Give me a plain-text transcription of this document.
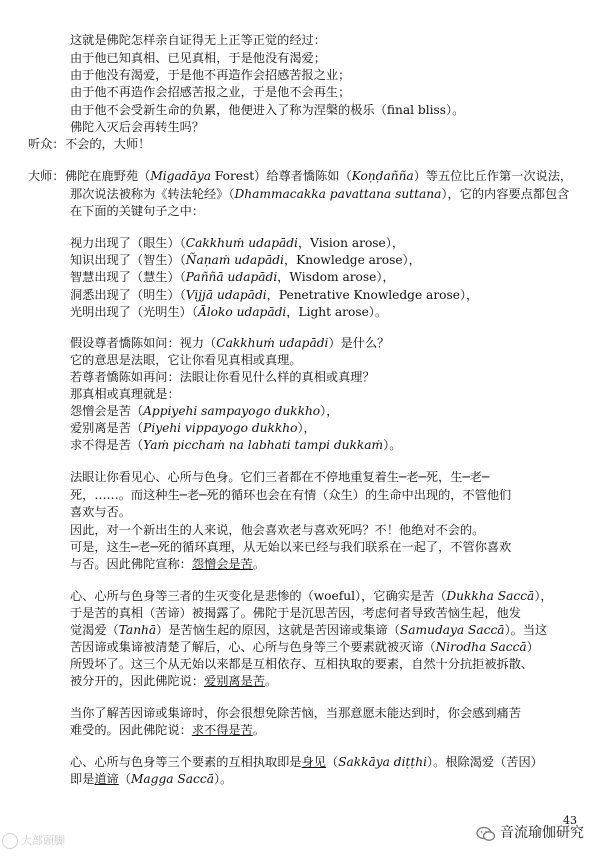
这就是佛陀怎样亲自证得无上正等正觉的经过：
由于他已知真相、已见真相，于是他没有渴爱；
由于他没有渴爱，于是他不再造作会招感苦报之业；
由于他不再造作会招感苦报之业，于是他不会再生；
由于他不会受新生命的负累，他便进入了称为涅槃的极乐（final bliss）。
佛陀入灭后会再转生吗？
听众： 不会的，大师！
大师： 佛陀在鹿野苑（Migadāya Forest）给尊者憍陈如（Koṇḍañña）等五位比丘作第一次说法，
那次说法被称为《转法轮经》（Dhammacakka pavattana suttana），它的内容要点都包含
在下面的关键句子之中：
视力出现了（眼生）（Cakkhuṁ udapādi，Vision arose），
知识出现了（智生）（Ñaṇaṁ udapādi，Knowledge arose），
智慧出现了（慧生）（Paññā udapādi，Wisdom arose），
洞悉出现了（明生）（Vijjā udapādi，Penetrative Knowledge arose），
光明出现了（光明生）（Āloko udapādi，Light arose）。
假设尊者憍陈如问：视力（Cakkhuṁ udapādi）是什么？
它的意思是法眼，它让你看见真相或真理。
若尊者憍陈如再问：法眼让你看见什么样的真相或真理？
那真相或真理就是：
怨憎会是苦（Appiyehi sampayogo dukkho），
爱别离是苦（Piyehi vippayogo dukkho），
求不得是苦（Yaṁ picchaṁ na labhati tampi dukkaṁ）。
法眼让你看见心、心所与色身。它们三者都在不停地重复着生─老─死，生─老─
死，……。而这种生─老─死的循环也会在有情（众生）的生命中出现的，不管他们
喜欢与否。
因此，对一个新出生的人来说，他会喜欢老与喜欢死吗？不！他绝对不会的。
可是，这生─老─死的循环真理，从无始以来已经与我们联系在一起了，不管你喜欢
与否。因此佛陀宣称：怨憎会是苦。
心、心所与色身等三者的生灭变化是悲惨的（woeful），它确实是苦（Dukkha Saccā），
于是苦的真相（苦谛）被揭露了。佛陀于是沉思苦因，考虑何者导致苦恼生起，他发
觉渴爱（Tanhā）是苦恼生起的原因，这就是苦因谛或集谛（Samudaya Saccā）。当这
苦因谛或集谛被清楚了解后，心、心所与色身等三个要素就被灭谛（Nirodha Saccā）
所毁坏了。这三个从无始以来都是互相依存、互相执取的要素，自然十分抗拒被拆散、
被分开的，因此佛陀说：爱别离是苦。
当你了解苦因谛或集谛时，你会很想免除苦恼，当那意愿未能达到时，你会感到痛苦
难受的。因此佛陀说：求不得是苦。
心、心所与色身等三个要素的互相执取即是身见（Sakkāya diṭṭhi）。根除渴爱（苦因）
即是道谛（Magga Saccā）。
43
大部頭脚	音流瑜伽研究
